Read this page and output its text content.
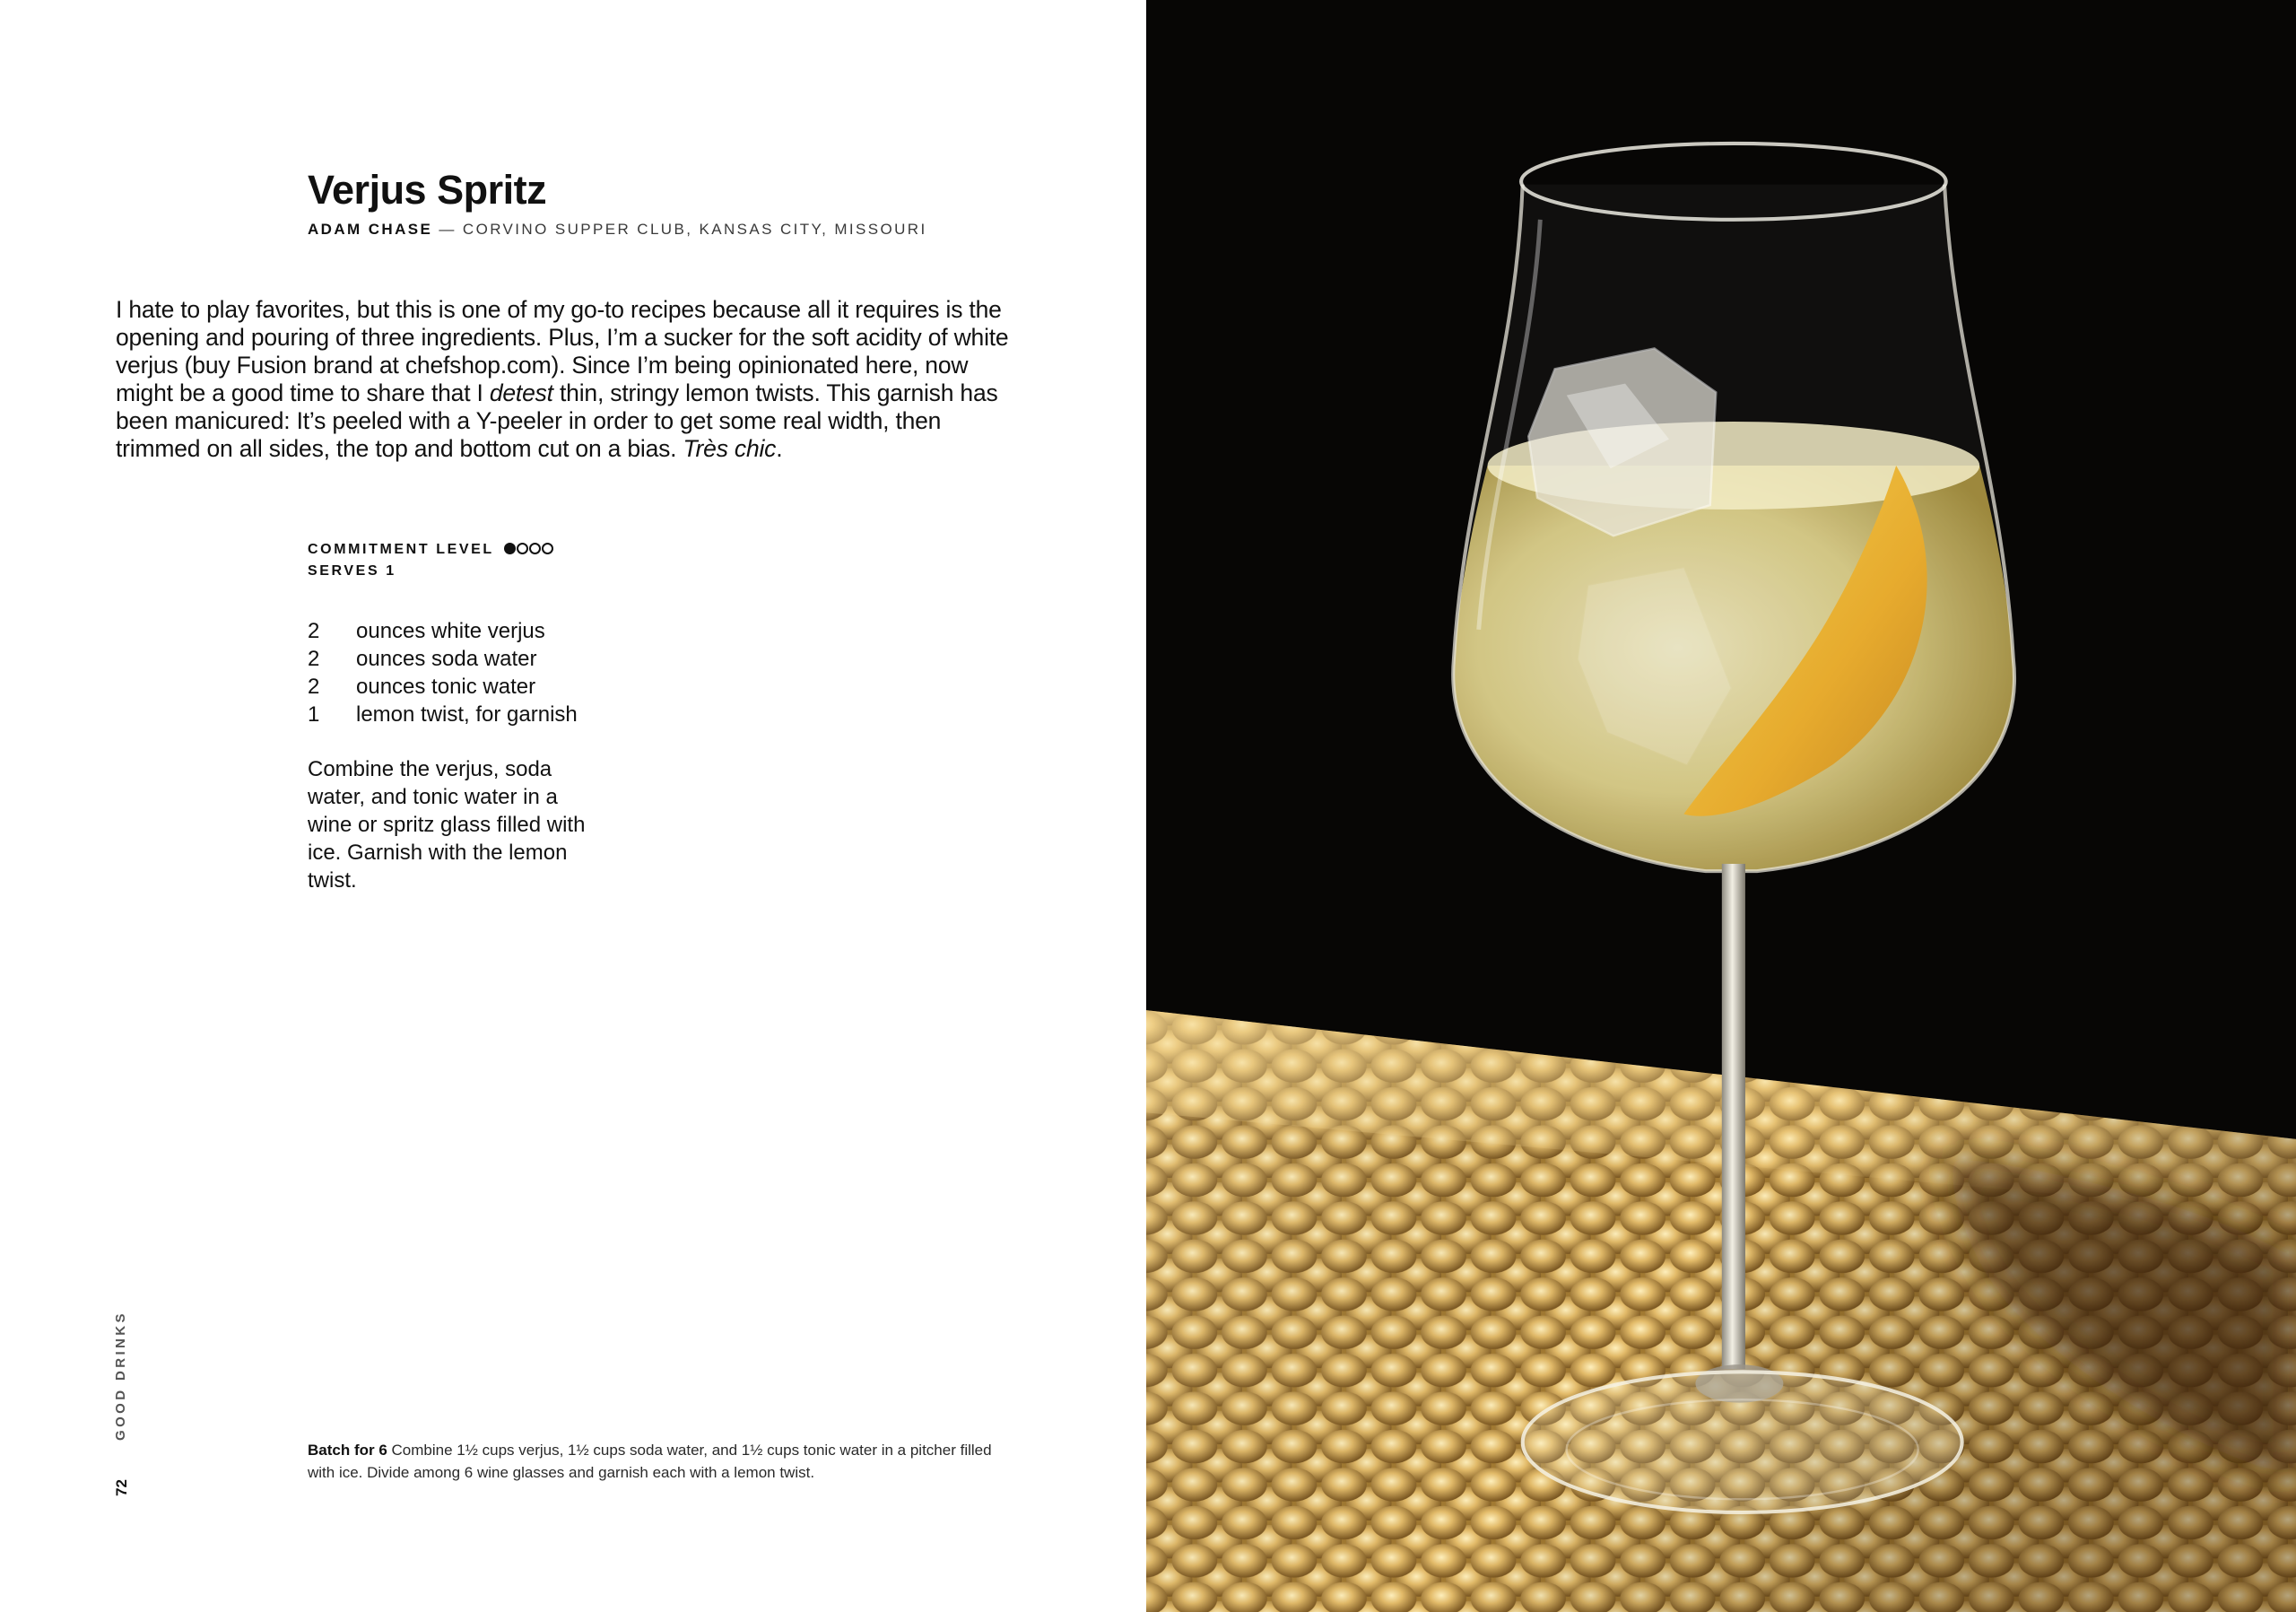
Verjus Spritz
ADAM CHASE — CORVINO SUPPER CLUB, KANSAS CITY, MISSOURI

I hate to play favorites, but this is one of my go-to recipes because all it requires is the opening and pouring of three ingredients. Plus, I’m a sucker for the soft acidity of white verjus (buy Fusion brand at chefshop.com). Since I’m being opinionated here, now might be a good time to share that I detest thin, stringy lemon twists. This garnish has been manicured: It’s peeled with a Y-peeler in order to get some real width, then trimmed on all sides, the top and bottom cut on a bias. Très chic.

COMMITMENT LEVEL
SERVES 1
2	ounces white verjus
2	ounces soda water
2	ounces tonic water
1	lemon twist, for garnish

Combine the verjus, soda water, and tonic water in a wine or spritz glass filled with ice. Garnish with the lemon twist.

Batch for 6 Combine 1½ cups verjus, 1½ cups soda water, and 1½ cups tonic water in a pitcher filled with ice. Divide among 6 wine glasses and garnish each with a lemon twist.

GOOD DRINKS
72
